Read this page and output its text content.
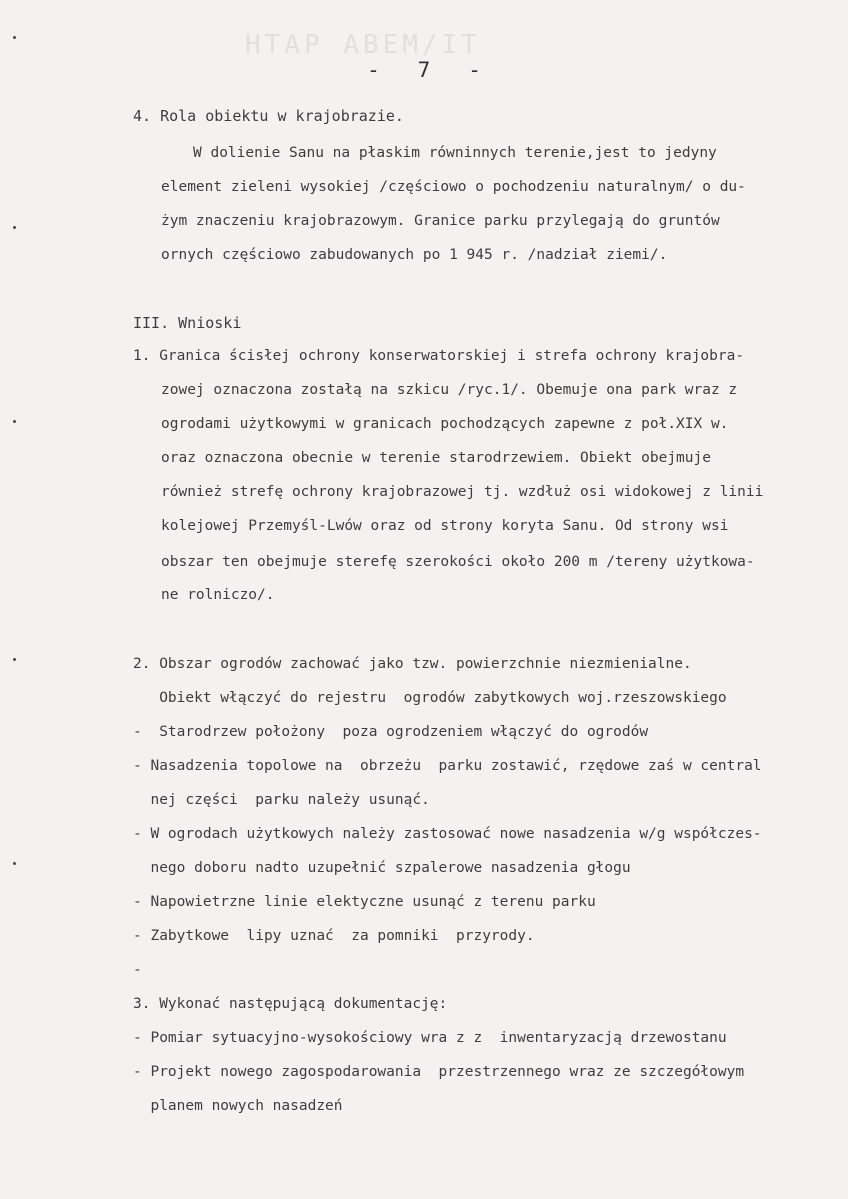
HTAP ABEM/IT
-   7   -
4. Rola obiektu w krajobrazie.
W dolienie Sanu na płaskim równinnych terenie,jest to jedyny
element zieleni wysokiej /częściowo o pochodzeniu naturalnym/ o du-
żym znaczeniu krajobrazowym. Granice parku przylegają do gruntów
ornych częściowo zabudowanych po 1 945 r. /nadział ziemi/.
III. Wnioski
1. Granica ścisłej ochrony konserwatorskiej i strefa ochrony krajobra-
zowej oznaczona zostałą na szkicu /ryc.1/. Obemuje ona park wraz z
ogrodami użytkowymi w granicach pochodzących zapewne z poł.XIX w.
oraz oznaczona obecnie w terenie starodrzewiem. Obiekt obejmuje
również strefę ochrony krajobrazowej tj. wzdłuż osi widokowej z linii
kolejowej Przemyśl-Lwów oraz od strony koryta Sanu. Od strony wsi
obszar ten obejmuje sterefę szerokości około 200 m /tereny użytkowa-
ne rolniczo/.
2. Obszar ogrodów zachować jako tzw. powierzchnie niezmienialne.
Obiekt włączyć do rejestru  ogrodów zabytkowych woj.rzeszowskiego
-  Starodrzew położony  poza ogrodzeniem włączyć do ogrodów
- Nasadzenia topolowe na  obrzeżu  parku zostawić, rzędowe zaś w central
nej części  parku należy usunąć.
- W ogrodach użytkowych należy zastosować nowe nasadzenia w/g współczes-
nego doboru nadto uzupełnić szpalerowe nasadzenia głogu
- Napowietrzne linie elektyczne usunąć z terenu parku
- Zabytkowe  lipy uznać  za pomniki  przyrody.
-
3. Wykonać następującą dokumentację:
- Pomiar sytuacyjno-wysokościowy wra z z  inwentaryzacją drzewostanu
- Projekt nowego zagospodarowania  przestrzennego wraz ze szczegółowym
planem nowych nasadzeń
